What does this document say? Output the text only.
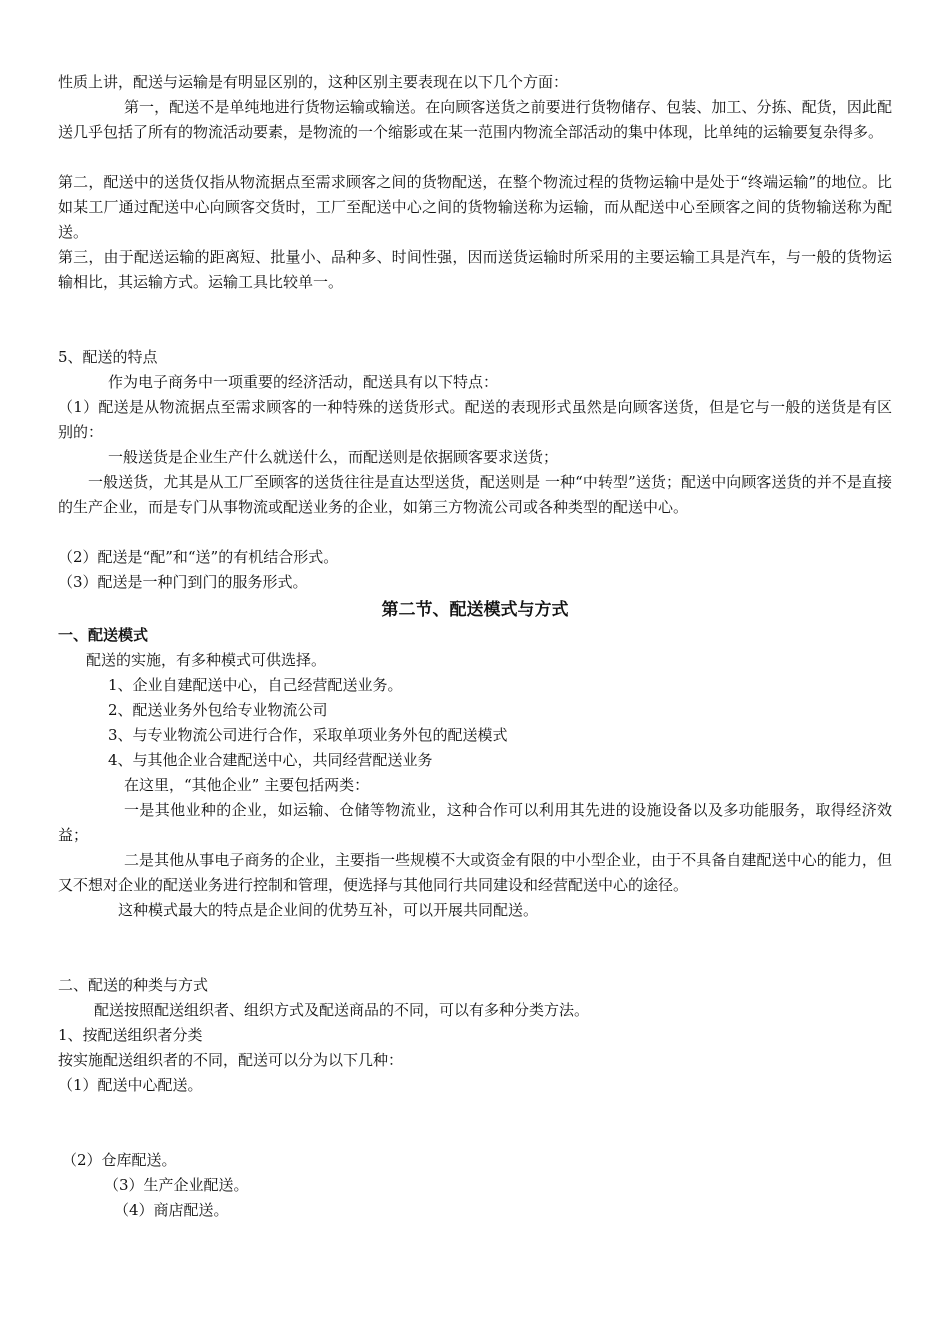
性质上讲，配送与运输是有明显区别的，这种区别主要表现在以下几个方面：

第一，配送不是单纯地进行货物运输或输送。在向顾客送货之前要进行货物储存、包装、加工、分拣、配货，因此配送几乎包括了所有的物流活动要素，是物流的一个缩影或在某一范围内物流全部活动的集中体现，比单纯的运输要复杂得多。

第二，配送中的送货仅指从物流据点至需求顾客之间的货物配送，在整个物流过程的货物运输中是处于“终端运输”的地位。比如某工厂通过配送中心向顾客交货时，工厂至配送中心之间的货物输送称为运输，而从配送中心至顾客之间的货物输送称为配送。

第三，由于配送运输的距离短、批量小、品种多、时间性强，因而送货运输时所采用的主要运输工具是汽车，与一般的货物运输相比，其运输方式。运输工具比较单一。

5、配送的特点

作为电子商务中一项重要的经济活动，配送具有以下特点：

（1）配送是从物流据点至需求顾客的一种特殊的送货形式。配送的表现形式虽然是向顾客送货，但是它与一般的送货是有区别的：

一般送货是企业生产什么就送什么，而配送则是依据顾客要求送货；

一般送货，尤其是从工厂至顾客的送货往往是直达型送货，配送则是 一种“中转型”送货；配送中向顾客送货的并不是直接的生产企业，而是专门从事物流或配送业务的企业，如第三方物流公司或各种类型的配送中心。

（2）配送是“配”和“送”的有机结合形式。

（3）配送是一种门到门的服务形式。

第二节、配送模式与方式

一、配送模式

配送的实施，有多种模式可供选择。

1、企业自建配送中心，自己经营配送业务。

2、配送业务外包给专业物流公司

3、与专业物流公司进行合作，采取单项业务外包的配送模式

4、与其他企业合建配送中心，共同经营配送业务

在这里，“其他企业” 主要包括两类：

一是其他业种的企业，如运输、仓储等物流业，这种合作可以利用其先进的设施设备以及多功能服务，取得经济效益；

二是其他从事电子商务的企业，主要指一些规模不大或资金有限的中小型企业，由于不具备自建配送中心的能力，但又不想对企业的配送业务进行控制和管理，便选择与其他同行共同建设和经营配送中心的途径。

这种模式最大的特点是企业间的优势互补，可以开展共同配送。

二、配送的种类与方式

配送按照配送组织者、组织方式及配送商品的不同，可以有多种分类方法。

1、按配送组织者分类

按实施配送组织者的不同，配送可以分为以下几种：

（1）配送中心配送。

（2）仓库配送。

（3）生产企业配送。

（4）商店配送。
